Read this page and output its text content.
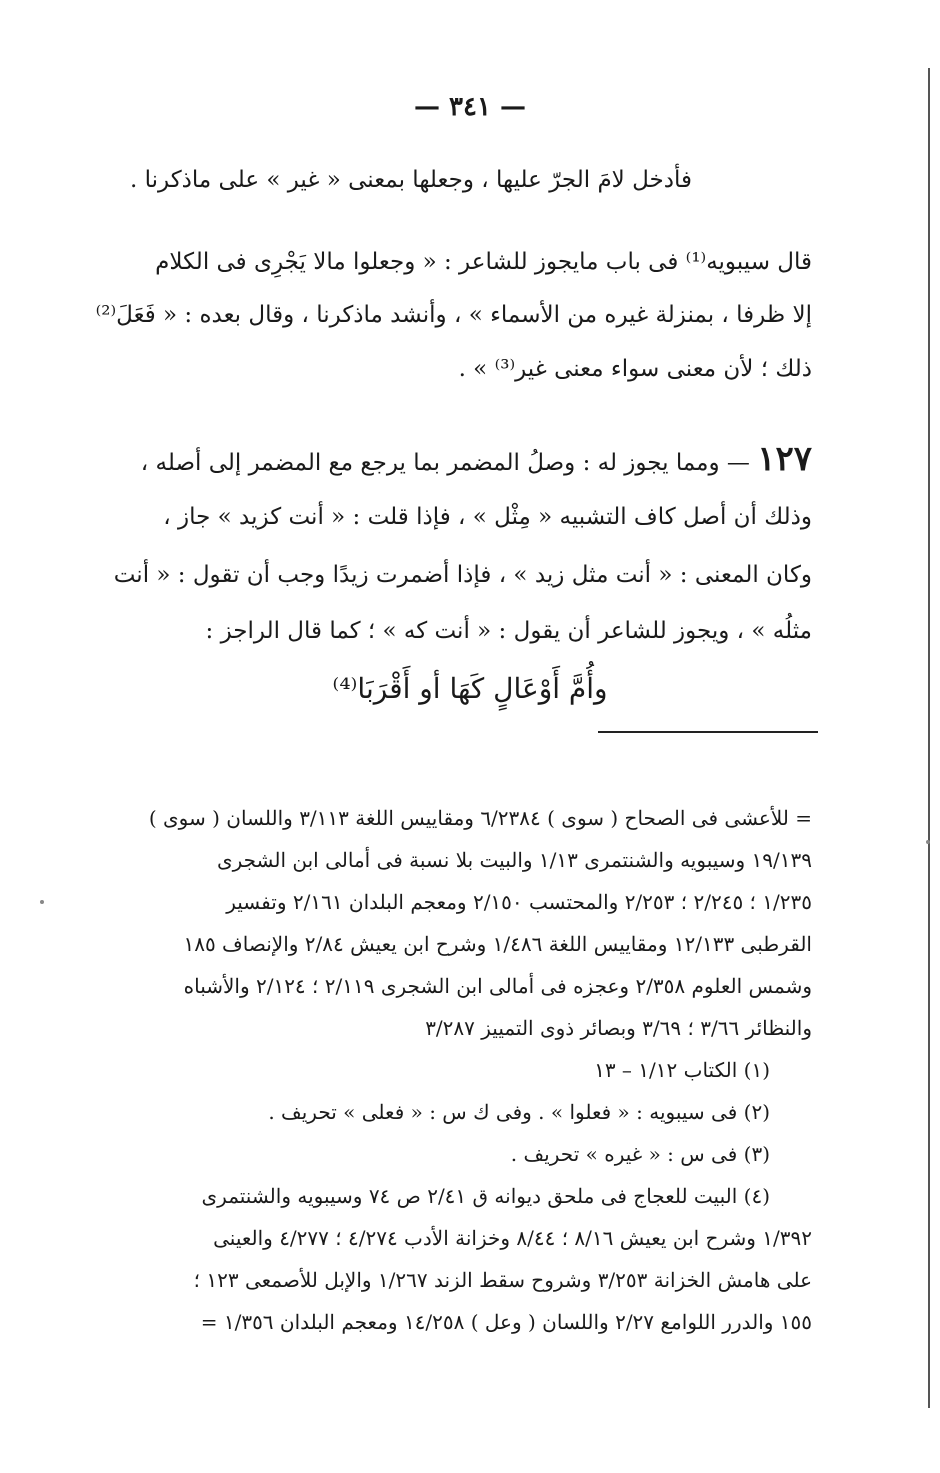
— ٣٤١ —
فأدخل لامَ الجرّ عليها ، وجعلها بمعنى « غير » على ماذكرنا .
قال سيبويه⁽¹⁾ فى باب مايجوز للشاعر : « وجعلوا مالا يَجْرِى فى الكلام
إلا ظرفا ، بمنزلة غيره من الأسماء » ، وأنشد ماذكرنا ، وقال بعده : « فَعَلَ⁽²⁾
ذلك ؛ لأن معنى سواء معنى غير⁽³⁾ » .
١٢٧ — ومما يجوز له : وصلُ المضمر بما يرجع مع المضمر إلى أصله ،
وذلك أن أصل كاف التشبيه « مِثْل » ، فإذا قلت : « أنت كزيد » جاز ،
وكان المعنى : « أنت مثل زيد » ، فإذا أضمرت زيدًا وجب أن تقول : « أنت
مثلُه » ، ويجوز للشاعر أن يقول : « أنت كه » ؛ كما قال الراجز :
وأُمَّ أَوْعَالٍ كَهَا أو أَقْرَبَا⁽⁴⁾
= للأعشى فى الصحاح ( سوى ) ٦/٢٣٨٤ ومقاييس اللغة ٣/١١٣ واللسان ( سوى )
١٩/١٣٩ وسيبويه والشنتمرى ١/١٣ والبيت بلا نسبة فى أمالى ابن الشجرى
١/٢٣٥ ؛ ٢/٢٤٥ ؛ ٢/٢٥٣ والمحتسب ٢/١٥٠ ومعجم البلدان ٢/١٦١ وتفسير
القرطبى ١٢/١٣٣ ومقاييس اللغة ١/٤٨٦ وشرح ابن يعيش ٢/٨٤ والإنصاف ١٨٥
وشمس العلوم ٢/٣٥٨ وعجزه فى أمالى ابن الشجرى ٢/١١٩ ؛ ٢/١٢٤ والأشباه
والنظائر ٣/٦٦ ؛ ٣/٦٩ وبصائر ذوى التمييز ٣/٢٨٧
(١) الكتاب ١/١٢ – ١٣
(٢) فى سيبويه : « فعلوا » . وفى ك س : « فعلى » تحريف .
(٣) فى س : « غيره » تحريف .
(٤) البيت للعجاج فى ملحق ديوانه ق ٢/٤١ ص ٧٤ وسيبويه والشنتمرى
١/٣٩٢ وشرح ابن يعيش ٨/١٦ ؛ ٨/٤٤ وخزانة الأدب ٤/٢٧٤ ؛ ٤/٢٧٧ والعينى
على هامش الخزانة ٣/٢٥٣ وشروح سقط الزند ١/٢٦٧ والإبل للأصمعى ١٢٣ ؛
١٥٥ والدرر اللوامع ٢/٢٧ واللسان ( وعل ) ١٤/٢٥٨ ومعجم البلدان ١/٣٥٦ =
